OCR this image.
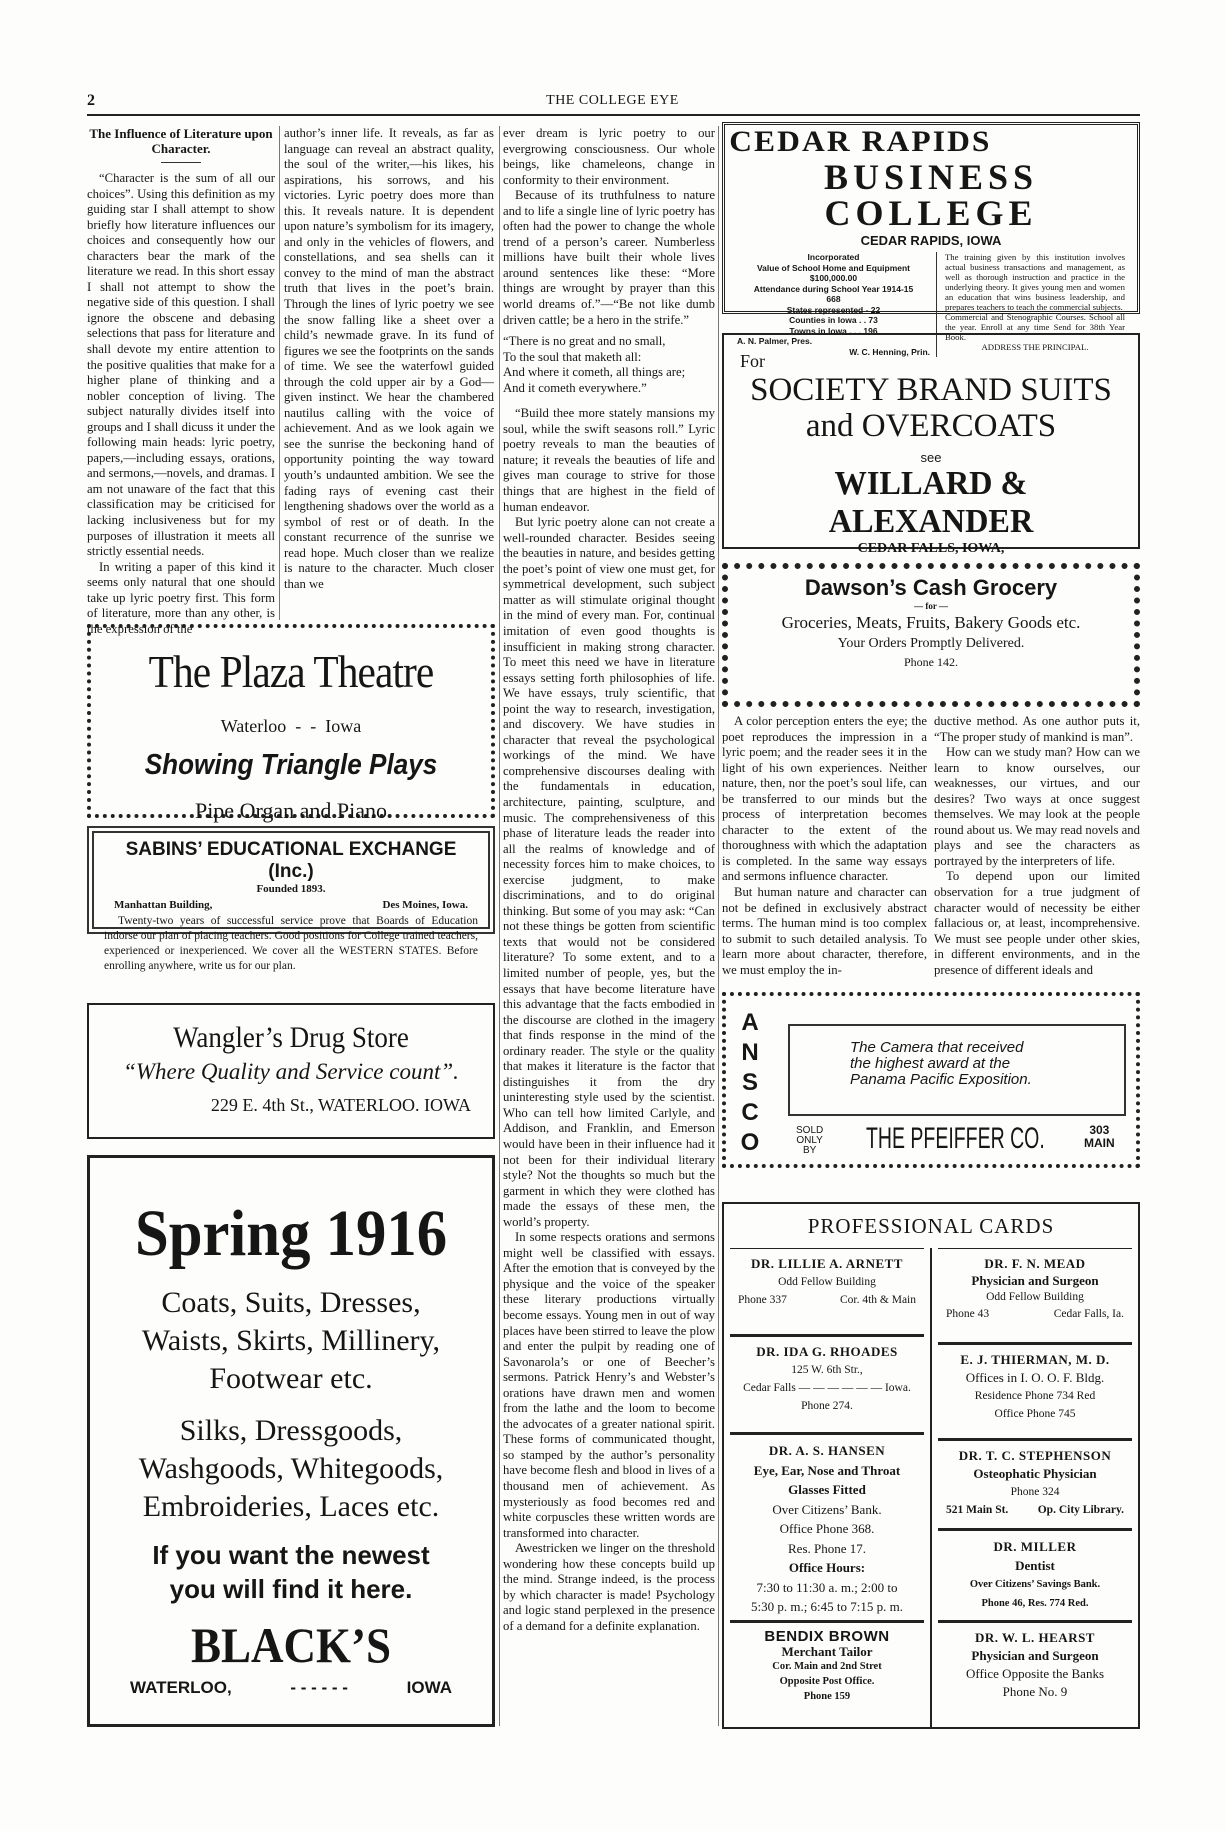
2	THE COLLEGE EYE

The Influence of Literature upon Character.

“Character is the sum of all our choices”. Using this definition as my guiding star I shall attempt to show briefly how literature influences our choices and consequently how our characters bear the mark of the literature we read. In this short essay I shall not attempt to show the negative side of this question. I shall ignore the obscene and debasing selections that pass for literature and shall devote my entire attention to the positive qualities that make for a higher plane of thinking and a nobler conception of living. The subject naturally divides itself into groups and I shall dicuss it under the following main heads: lyric poetry, papers,—including essays, orations, and sermons,—novels, and dramas. I am not unaware of the fact that this classification may be criticised for lacking inclusiveness but for my purposes of illustration it meets all strictly essential needs.

In writing a paper of this kind it seems only natural that one should take up lyric poetry first. This form of literature, more than any other, is the expression of the

author’s inner life. It reveals, as far as language can reveal an abstract quality, the soul of the writer,—his likes, his aspirations, his sorrows, and his victories. Lyric poetry does more than this. It reveals nature. It is dependent upon nature’s symbolism for its imagery, and only in the vehicles of flowers, and constellations, and sea shells can it convey to the mind of man the abstract truth that lives in the poet’s brain. Through the lines of lyric poetry we see the snow falling like a sheet over a child’s newmade grave. In its fund of figures we see the footprints on the sands of time. We see the waterfowl guided through the cold upper air by a God—given instinct. We hear the chambered nautilus calling with the voice of achievement. And as we look again we see the sunrise the beckoning hand of opportunity pointing the way toward youth’s undaunted ambition. We see the fading rays of evening cast their lengthening shadows over the world as a symbol of rest or of death. In the constant recurrence of the sunrise we read hope. Much closer than we realize is nature to the character. Much closer than we

ever dream is lyric poetry to our evergrowing consciousness. Our whole beings, like chameleons, change in conformity to their environment.

Because of its truthfulness to nature and to life a single line of lyric poetry has often had the power to change the whole trend of a person’s career. Numberless millions have built their whole lives around sentences like these: “More things are wrought by prayer than this world dreams of.”—“Be not like dumb driven cattle; be a hero in the strife.”

“There is no great and no small,
To the soul that maketh all:
And where it cometh, all things are;
And it cometh everywhere.”

“Build thee more stately mansions my soul, while the swift seasons roll.” Lyric poetry reveals to man the beauties of nature; it reveals the beauties of life and gives man courage to strive for those things that are highest in the field of human endeavor.

But lyric poetry alone can not create a well-rounded character. Besides seeing the beauties in nature, and besides getting the poet’s point of view one must get, for symmetrical development, such subject matter as will stimulate original thought in the mind of every man. For, continual imitation of even good thoughts is insufficient in making strong character. To meet this need we have in literature essays setting forth philosophies of life. We have essays, truly scientific, that point the way to research, investigation, and discovery. We have studies in character that reveal the psychological workings of the mind. We have comprehensive discourses dealing with the fundamentals in education, architecture, painting, sculpture, and music. The comprehensiveness of this phase of literature leads the reader into all the realms of knowledge and of necessity forces him to make choices, to exercise judgment, to make discriminations, and to do original thinking. But some of you may ask: “Can not these things be gotten from scientific texts that would not be considered literature? To some extent, and to a limited number of people, yes, but the essays that have become literature have this advantage that the facts embodied in the discourse are clothed in the imagery that finds response in the mind of the ordinary reader. The style or the quality that makes it literature is the factor that distinguishes it from the dry uninteresting style used by the scientist. Who can tell how limited Carlyle, and Addison, and Franklin, and Emerson would have been in their influence had it not been for their individual literary style? Not the thoughts so much but the garment in which they were clothed has made the essays of these men, the world’s property.

In some respects orations and sermons might well be classified with essays. After the emotion that is conveyed by the physique and the voice of the speaker these literary productions virtually become essays. Young men in out of way places have been stirred to leave the plow and enter the pulpit by reading one of Savonarola’s or one of Beecher’s sermons. Patrick Henry’s and Webster’s orations have drawn men and women from the lathe and the loom to become the advocates of a greater national spirit. These forms of communicated thought, so stamped by the author’s personality have become flesh and blood in lives of a thousand men of achievement. As mysteriously as food becomes red and white corpuscles these written words are transformed into character.

Awestricken we linger on the threshold wondering how these concepts build up the mind. Strange indeed, is the process by which character is made! Psychology and logic stand perplexed in the presence of a demand for a definite explanation.

The Plaza Theatre
Waterloo  -  -  Iowa
Showing Triangle Plays
Pipe Organ and Piano
SABINS’ EDUCATIONAL EXCHANGE (Inc.)
Founded 1893.
Manhattan Building,	Des Moines, Iowa.
Twenty-two years of successful service prove that Boards of Education indorse our plan of placing teachers. Good positions for College trained teachers, experienced or inexperienced. We cover all the WESTERN STATES. Before enrolling anywhere, write us for our plan.
Wangler’s Drug Store
“Where Quality and Service count”.
229 E. 4th St., WATERLOO. IOWA
Spring 1916
Coats, Suits, Dresses,
Waists, Skirts, Millinery,
Footwear etc.
Silks, Dressgoods,
Washgoods, Whitegoods,
Embroideries, Laces etc.
If you want the newest
you will find it here.
BLACK’S
WATERLOO,	- - - - - -	IOWA
CEDAR RAPIDS
BUSINESS COLLEGE
CEDAR RAPIDS, IOWA
Incorporated
Value of School Home and Equipment
$100,000.00
Attendance during School Year 1914-15
668
States represented - 22
Counties in Iowa . . 73
Towns in Iowa . . . 196
A. N. Palmer, Pres.
W. C. Henning, Prin.
The training given by this institution involves actual business transactions and management, as well as thorough instruction and practice in the underlying theory. It gives young men and women an education that wins business leadership, and prepares teachers to teach the commercial subjects.
Commercial and Stenographic Courses. School all the year. Enroll at any time Send for 38th Year Book.
ADDRESS THE PRINCIPAL.
For
SOCIETY BRAND SUITS
and OVERCOATS
see
WILLARD & ALEXANDER
CEDAR FALLS, IOWA,
Dawson’s Cash Grocery
— for —
Groceries, Meats, Fruits, Bakery Goods etc.
Your Orders Promptly Delivered.
Phone 142.

A color perception enters the eye; the poet reproduces the impression in a lyric poem; and the reader sees it in the light of his own experiences. Neither nature, then, nor the poet’s soul life, can be transferred to our minds but the process of interpretation becomes character to the extent of the thoroughness with which the adaptation is completed. In the same way essays and sermons influence character.

But human nature and character can not be defined in exclusively abstract terms. The human mind is too complex to submit to such detailed analysis. To learn more about character, therefore, we must employ the in-

ductive method. As one author puts it, “The proper study of mankind is man”.

How can we study man? How can we learn to know ourselves, our weaknesses, our virtues, and our desires? Two ways at once suggest themselves. We may look at the people round about us. We may read novels and plays and see the characters as portrayed by the interpreters of life.

To depend upon our limited observation for a true judgment of character would of necessity be either fallacious or, at least, incomprehensive. We must see people under other skies, in different environments, and in the presence of different ideals and

A
N
S
C
O
The Camera that received
the highest award at the
Panama Pacific Exposition.
SOLD
ONLY
BY THE PFEIFFER CO.	303
MAIN
PROFESSIONAL CARDS
DR. LILLIE A. ARNETT
Odd Fellow Building
Phone 337	Cor. 4th & Main
DR. IDA G. RHOADES
125 W. 6th Str.,
Cedar Falls — — — — — — Iowa.
Phone 274.
DR. A. S. HANSEN
Eye, Ear, Nose and Throat
Glasses Fitted
Over Citizens’ Bank.
Office Phone 368.
Res. Phone 17.
Office Hours:
7:30 to 11:30 a. m.; 2:00 to
5:30 p. m.; 6:45 to 7:15 p. m.
BENDIX BROWN
Merchant Tailor
Cor. Main and 2nd Stret
Opposite Post Office.
Phone 159
DR. F. N. MEAD
Physician and Surgeon
Odd Fellow Building
Phone 43	Cedar Falls, Ia.
E. J. THIERMAN, M. D.
Offices in I. O. O. F. Bldg.
Residence Phone 734 Red
Office Phone 745
DR. T. C. STEPHENSON
Osteophatic Physician
Phone 324
521 Main St.	Op. City Library.
DR. MILLER
Dentist
Over Citizens’ Savings Bank.
Phone 46, Res. 774 Red.
DR. W. L. HEARST
Physician and Surgeon
Office Opposite the Banks
Phone No. 9
